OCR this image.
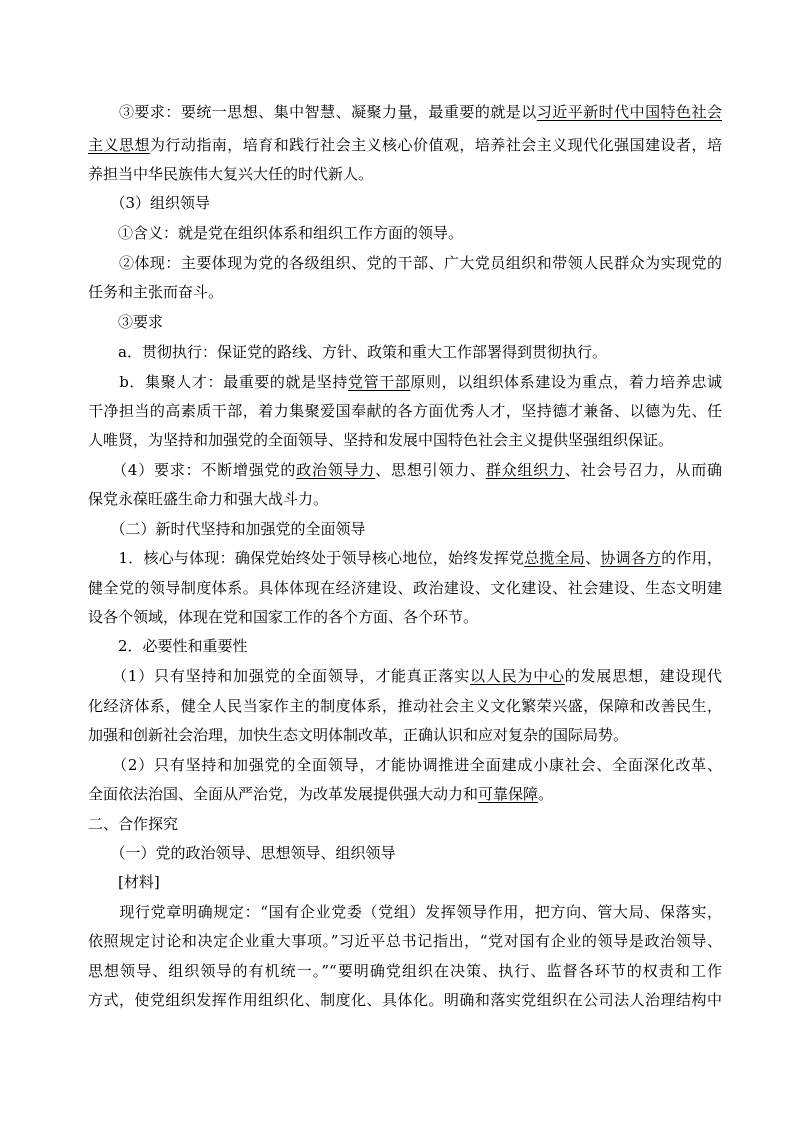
　　③要求：要统一思想、集中智慧、凝聚力量，最重要的就是以习近平新时代中国特色社会
主义思想为行动指南，培育和践行社会主义核心价值观，培养社会主义现代化强国建设者，培
养担当中华民族伟大复兴大任的时代新人。
　　（3）组织领导
　　①含义：就是党在组织体系和组织工作方面的领导。
　　②体现：主要体现为党的各级组织、党的干部、广大党员组织和带领人民群众为实现党的
任务和主张而奋斗。
　　③要求
　　a．贯彻执行：保证党的路线、方针、政策和重大工作部署得到贯彻执行。
　　b．集聚人才：最重要的就是坚持党管干部原则，以组织体系建设为重点，着力培养忠诚
干净担当的高素质干部，着力集聚爱国奉献的各方面优秀人才，坚持德才兼备、以德为先、任
人唯贤，为坚持和加强党的全面领导、坚持和发展中国特色社会主义提供坚强组织保证。
　　（4）要求：不断增强党的政治领导力、思想引领力、群众组织力、社会号召力，从而确
保党永葆旺盛生命力和强大战斗力。
　　（二）新时代坚持和加强党的全面领导
　　1．核心与体现：确保党始终处于领导核心地位，始终发挥党总揽全局、协调各方的作用，
健全党的领导制度体系。具体体现在经济建设、政治建设、文化建设、社会建设、生态文明建
设各个领域，体现在党和国家工作的各个方面、各个环节。
　　2．必要性和重要性
　　（1）只有坚持和加强党的全面领导，才能真正落实以人民为中心的发展思想，建设现代
化经济体系，健全人民当家作主的制度体系，推动社会主义文化繁荣兴盛，保障和改善民生，
加强和创新社会治理，加快生态文明体制改革，正确认识和应对复杂的国际局势。
　　（2）只有坚持和加强党的全面领导，才能协调推进全面建成小康社会、全面深化改革、
全面依法治国、全面从严治党，为改革发展提供强大动力和可靠保障。
二、合作探究
　　（一）党的政治领导、思想领导、组织领导
　　[材料]
　　现行党章明确规定：“国有企业党委（党组）发挥领导作用，把方向、管大局、保落实，
依照规定讨论和决定企业重大事项。”习近平总书记指出，“党对国有企业的领导是政治领导、
思想领导、组织领导的有机统一。”“要明确党组织在决策、执行、监督各环节的权责和工作
方式，使党组织发挥作用组织化、制度化、具体化。明确和落实党组织在公司法人治理结构中
